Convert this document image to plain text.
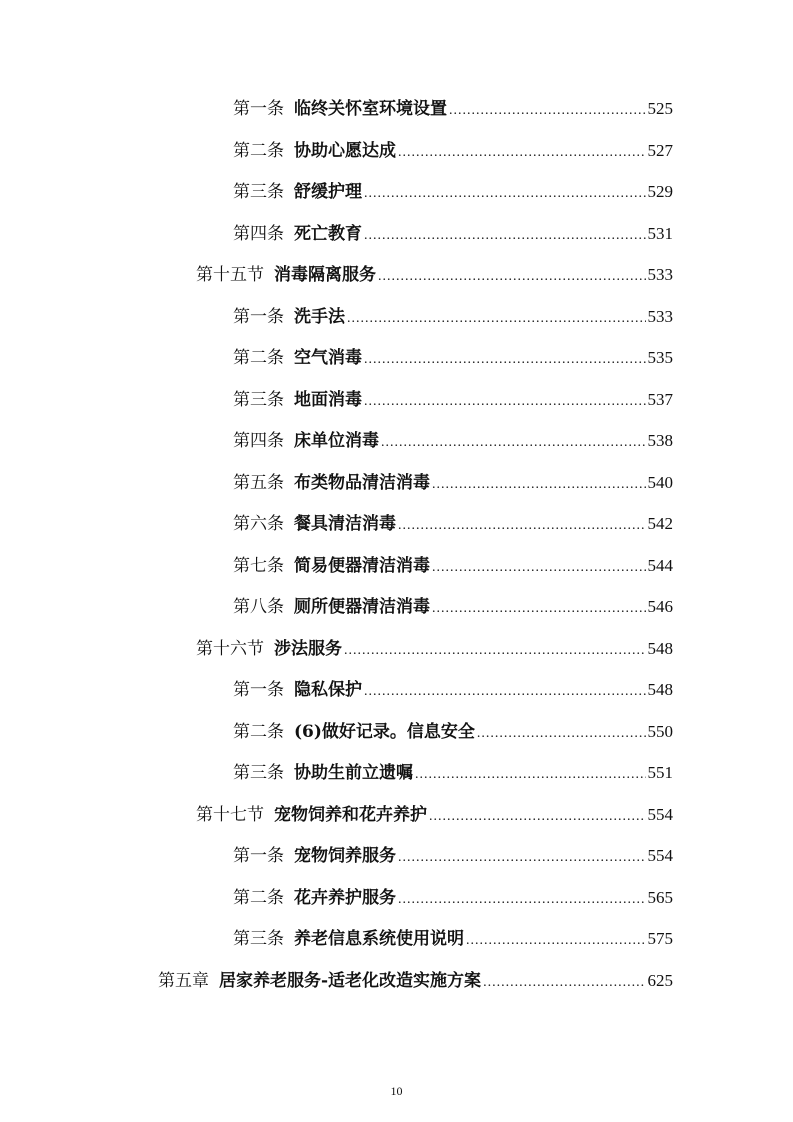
第一条 临终关怀室环境设置 .....	525
第二条 协助心愿达成 .....	527
第三条 舒缓护理 .....	529
第四条 死亡教育 .....	531
第十五节 消毒隔离服务 .....	533
第一条 洗手法 .....	533
第二条 空气消毒 .....	535
第三条 地面消毒 .....	537
第四条 床单位消毒 .....	538
第五条 布类物品清洁消毒 .....	540
第六条 餐具清洁消毒 .....	542
第七条 简易便器清洁消毒 .....	544
第八条 厕所便器清洁消毒 .....	546
第十六节 涉法服务 .....	548
第一条 隐私保护 .....	548
第二条 (6)做好记录。信息安全 .....	550
第三条 协助生前立遗嘱 .....	551
第十七节 宠物饲养和花卉养护 .....	554
第一条 宠物饲养服务 .....	554
第二条 花卉养护服务 .....	565
第三条 养老信息系统使用说明 .....	575
第五章 居家养老服务-适老化改造实施方案 .....	625
10
